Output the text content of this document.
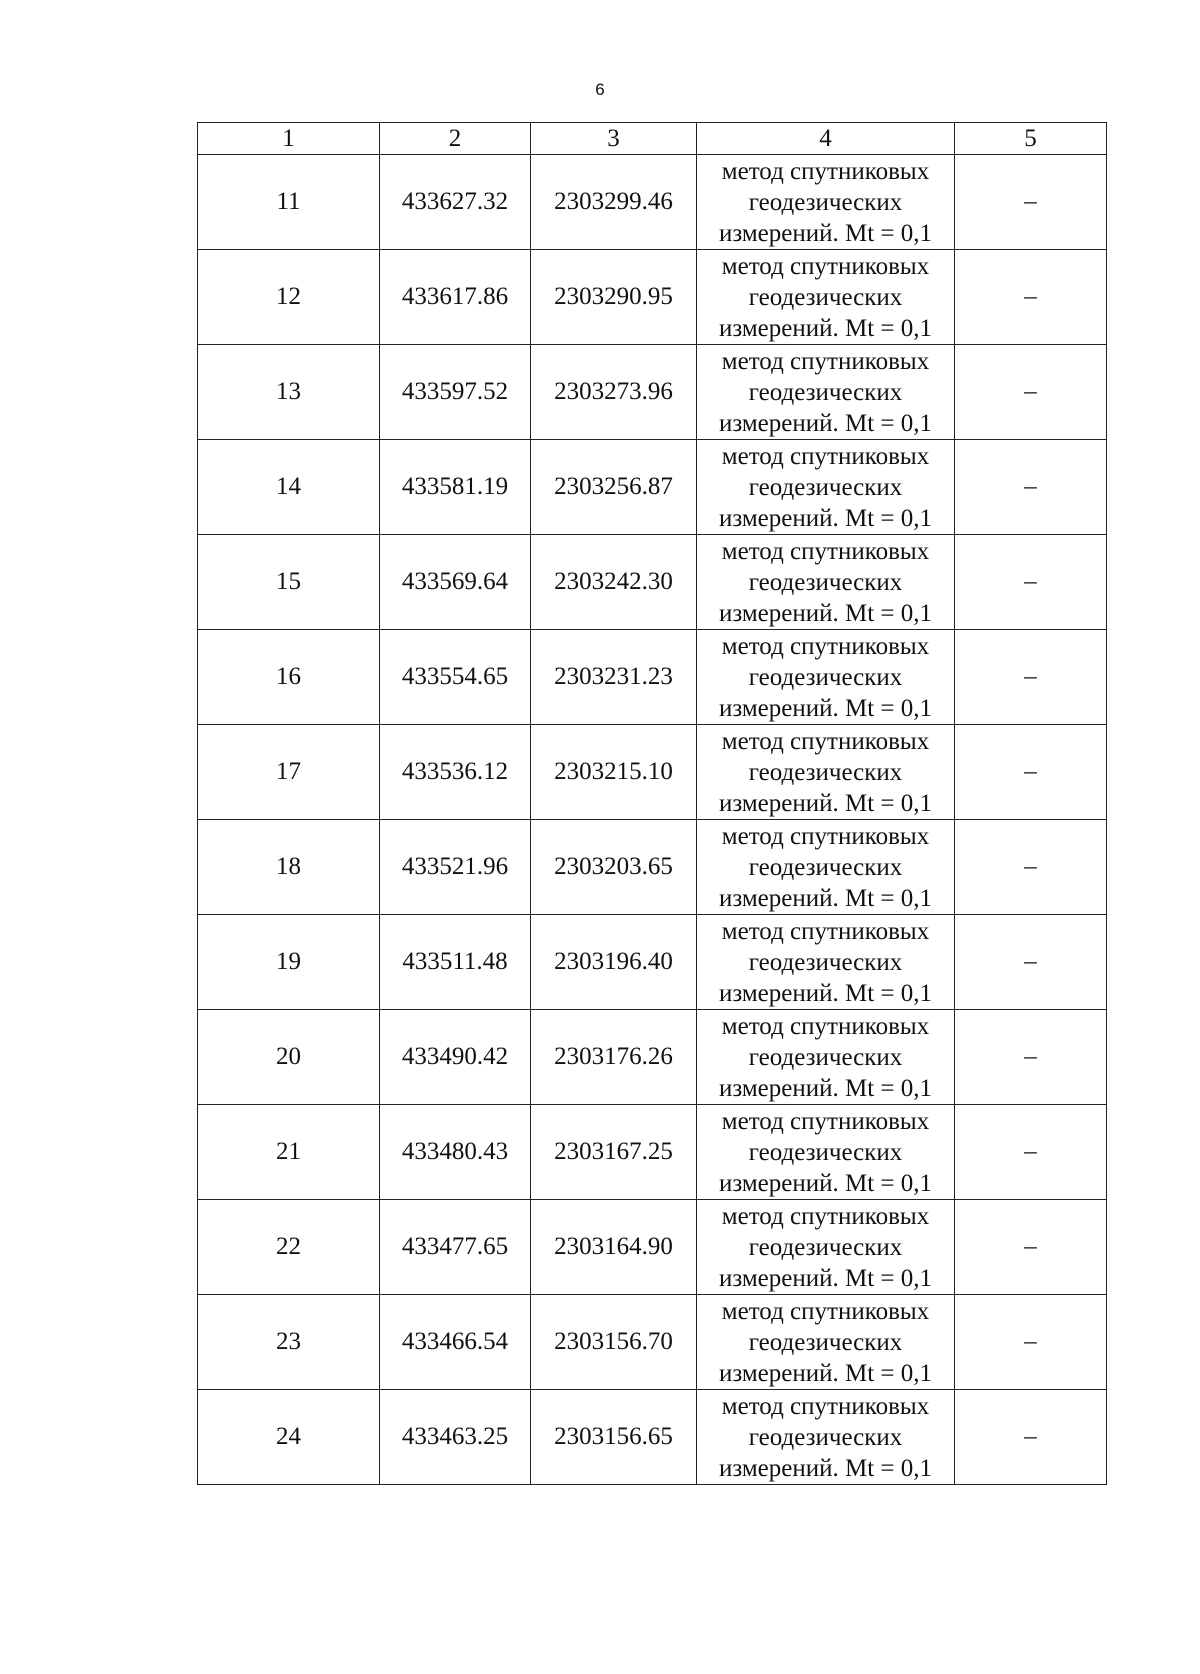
6
1	2	3	4	5
11	433627.32	2303299.46	метод спутниковых геодезических измерений. Mt = 0,1	–
12	433617.86	2303290.95	метод спутниковых геодезических измерений. Mt = 0,1	–
13	433597.52	2303273.96	метод спутниковых геодезических измерений. Mt = 0,1	–
14	433581.19	2303256.87	метод спутниковых геодезических измерений. Mt = 0,1	–
15	433569.64	2303242.30	метод спутниковых геодезических измерений. Mt = 0,1	–
16	433554.65	2303231.23	метод спутниковых геодезических измерений. Mt = 0,1	–
17	433536.12	2303215.10	метод спутниковых геодезических измерений. Mt = 0,1	–
18	433521.96	2303203.65	метод спутниковых геодезических измерений. Mt = 0,1	–
19	433511.48	2303196.40	метод спутниковых геодезических измерений. Mt = 0,1	–
20	433490.42	2303176.26	метод спутниковых геодезических измерений. Mt = 0,1	–
21	433480.43	2303167.25	метод спутниковых геодезических измерений. Mt = 0,1	–
22	433477.65	2303164.90	метод спутниковых геодезических измерений. Mt = 0,1	–
23	433466.54	2303156.70	метод спутниковых геодезических измерений. Mt = 0,1	–
24	433463.25	2303156.65	метод спутниковых геодезических измерений. Mt = 0,1	–
